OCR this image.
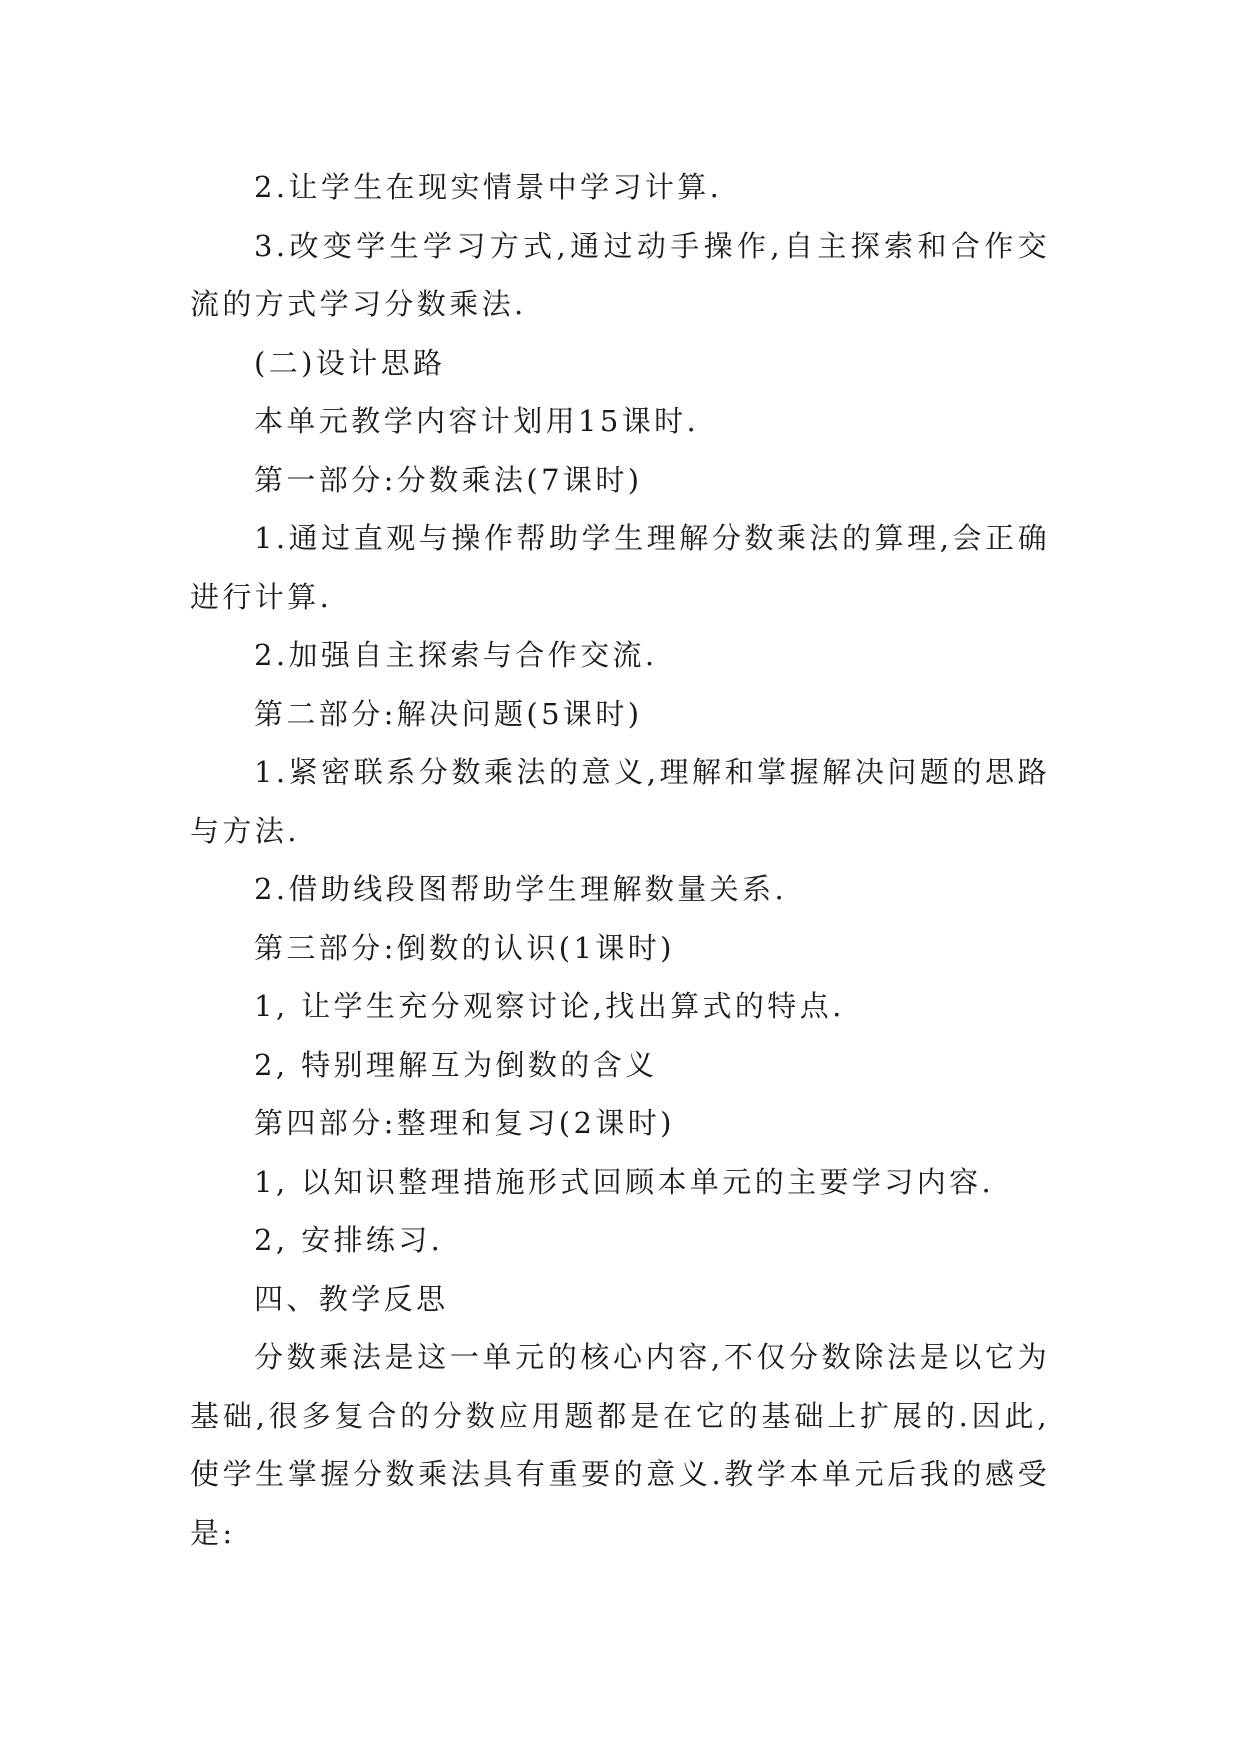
2.让学生在现实情景中学习计算.

3.改变学生学习方式,通过动手操作,自主探索和合作交流的方式学习分数乘法.

(二)设计思路

本单元教学内容计划用15课时.

第一部分:分数乘法(7课时)

1.通过直观与操作帮助学生理解分数乘法的算理,会正确进行计算.

2.加强自主探索与合作交流.

第二部分:解决问题(5课时)

1.紧密联系分数乘法的意义,理解和掌握解决问题的思路与方法.

2.借助线段图帮助学生理解数量关系.

第三部分:倒数的认识(1课时)

1, 让学生充分观察讨论,找出算式的特点.

2, 特别理解互为倒数的含义

第四部分:整理和复习(2课时)

1, 以知识整理措施形式回顾本单元的主要学习内容.

2, 安排练习.

四、教学反思

分数乘法是这一单元的核心内容,不仅分数除法是以它为基础,很多复合的分数应用题都是在它的基础上扩展的.因此,使学生掌握分数乘法具有重要的意义.教学本单元后我的感受是:
